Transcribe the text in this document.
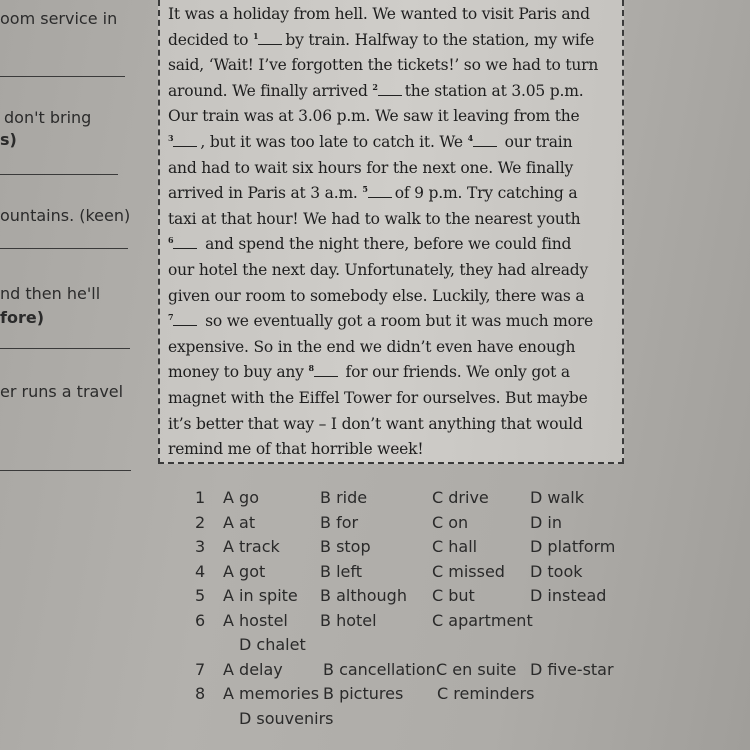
oom service in
don't bring
s)
ountains. (keen)
nd then he'll
fore)
er runs a travel
It was a holiday from hell. We wanted to visit Paris and
decided to $^1$ by train. Halfway to the station, my wife
said, ‘Wait! I’ve forgotten the tickets!’ so we had to turn
around. We finally arrived $^2$ the station at 3.05 p.m.
Our train was at 3.06 p.m. We saw it leaving from the
$^3$ , but it was too late to catch it. We $^4$ our train
and had to wait six hours for the next one. We finally
arrived in Paris at 3 a.m. $^5$ of 9 p.m. Try catching a
taxi at that hour! We had to walk to the nearest youth
$^6$ and spend the night there, before we could find
our hotel the next day. Unfortunately, they had already
given our room to somebody else. Luckily, there was a
$^7$ so we eventually got a room but it was much more
expensive. So in the end we didn’t even have enough
money to buy any $^8$ for our friends. We only got a
magnet with the Eiffel Tower for ourselves. But maybe
it’s better that way – I don’t want anything that would
remind me of that horrible week!
1 A go	B ride	C drive	D walk
2 A at	B for	C on	D in
3 A track	B stop	C hall	D platform
4 A got	B left	C missed D took
5 A in spite B although C but	D instead
6 A hostel B hotel	C apartment
D chalet
7 A delay	B cancellation C en suite D five-star
8 A memories B pictures C reminders
D souvenirs
